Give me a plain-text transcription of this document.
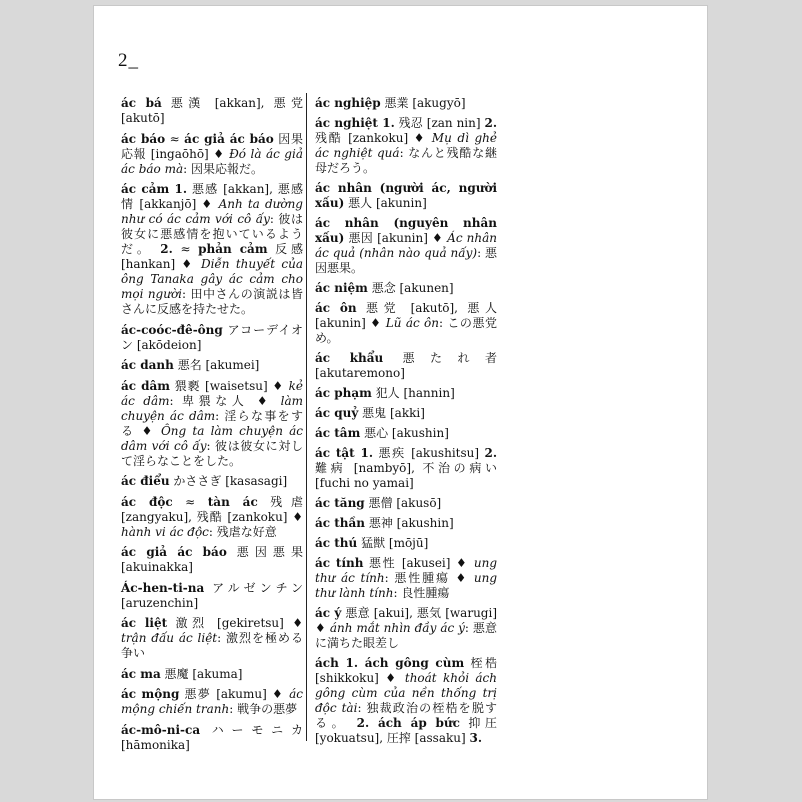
2_
ác bá 悪漢 [akkan], 悪党 [akutō]
ác báo ≈ ác giả ác báo 因果応報 [ingaōhō] ♦ Đó là ác giả ác báo mà: 因果応報だ。
ác cảm 1. 悪感 [akkan], 悪感情 [akkanjō] ♦ Anh ta dường như có ác cảm với cô ấy: 彼は彼女に悪感情を抱いているようだ。 2. ≈ phản cảm 反感 [hankan] ♦ Diễn thuyết của ông Tanaka gây ác cảm cho mọi người: 田中さんの演説は皆さんに反感を持たせた。
ác-coóc-đê-ông アコーデイオン [akōdeion]
ác danh 悪名 [akumei]
ác dâm 猥褻 [waisetsu] ♦ kẻ ác dâm: 卑猥な人 ♦ làm chuyện ác dâm: 淫らな事をする ♦ Ông ta làm chuyện ác dâm với cô ấy: 彼は彼女に対して淫らなことをした。
ác điểu かささぎ [kasasagi]
ác độc ≈ tàn ác 残虐 [zangyaku], 残酷 [zankoku] ♦ hành vi ác độc: 残虐な好意
ác giả ác báo 悪因悪果 [akuinakka]
Ác-hen-ti-na アルゼンチン [aruzenchin]
ác liệt 激烈 [gekiretsu] ♦ trận đấu ác liệt: 激烈を極める争い
ác ma 悪魔 [akuma]
ác mộng 悪夢 [akumu] ♦ ác mộng chiến tranh: 戦争の悪夢
ác-mô-ni-ca ハーモニカ [hāmonika]
ác nghiệp 悪業 [akugyō]
ác nghiệt 1. 残忍 [zan nin] 2. 残酷 [zankoku] ♦ Mụ dì ghẻ ác nghiệt quá: なんと残酷な継母だろう。
ác nhân (người ác, người xấu) 悪人 [akunin]
ác nhân (nguyên nhân xấu) 悪因 [akunin] ♦ Ác nhân ác quả (nhân nào quả nấy): 悪因悪果。
ác niệm 悪念 [akunen]
ác ôn 悪党 [akutō], 悪人 [akunin] ♦ Lũ ác ôn: この悪党め。
ác khẩu 悪たれ者 [akutaremono]
ác phạm 犯人 [hannin]
ác quỷ 悪鬼 [akki]
ác tâm 悪心 [akushin]
ác tật 1. 悪疾 [akushitsu] 2. 難病 [nambyō], 不治の病い [fuchi no yamai]
ác tăng 悪僧 [akusō]
ác thần 悪神 [akushin]
ác thú 猛獣 [mōjū]
ác tính 悪性 [akusei] ♦ ung thư ác tính: 悪性腫瘍 ♦ ung thư lành tính: 良性腫瘍
ác ý 悪意 [akui], 悪気 [warugi] ♦ ánh mắt nhìn đầy ác ý: 悪意に満ちた眼差し
ách 1. ách gông cùm 桎梏 [shikkoku] ♦ thoát khỏi ách gông cùm của nền thống trị độc tài: 独裁政治の桎梏を脱する。 2. ách áp bức 抑圧 [yokuatsu], 圧搾 [assaku] 3.
